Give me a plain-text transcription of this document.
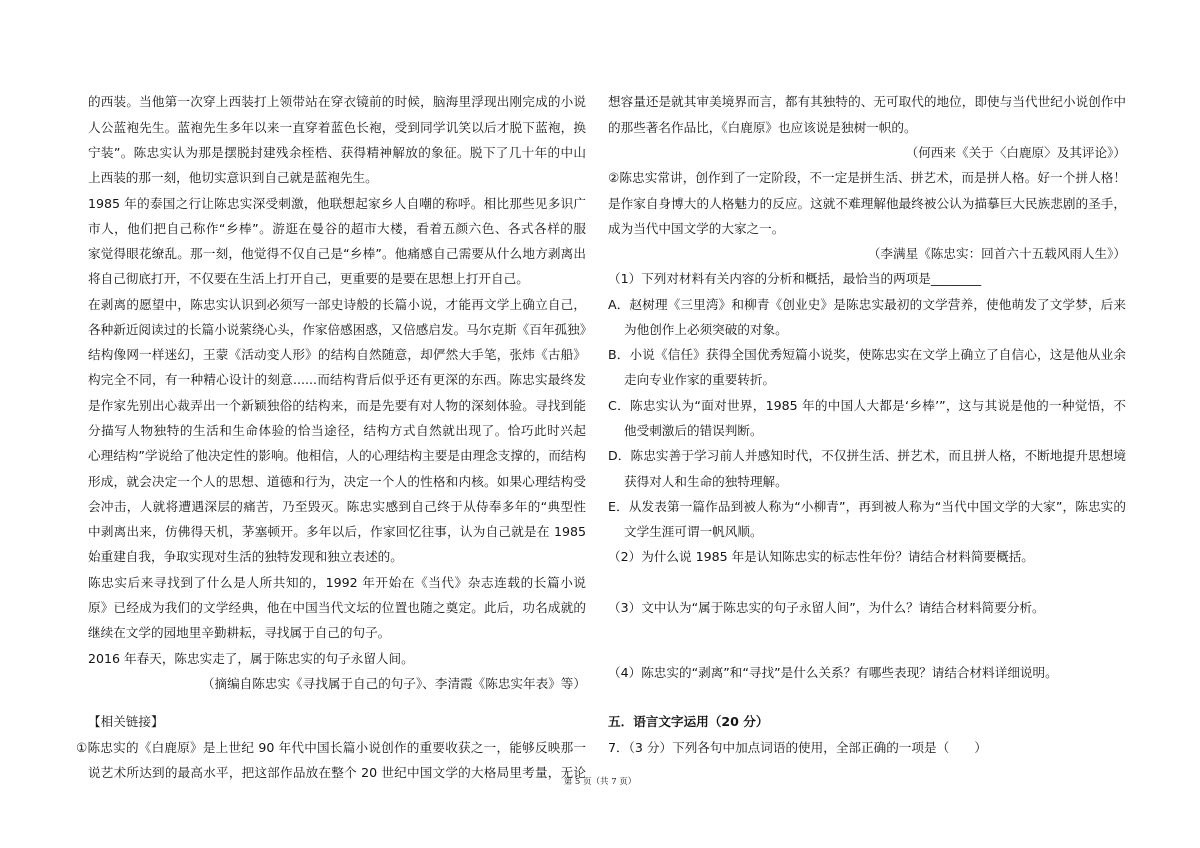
的西装。当他第一次穿上西装打上领带站在穿衣镜前的时候，脑海里浮现出刚完成的小说
人公蓝袍先生。蓝袍先生多年以来一直穿着蓝色长袍，受到同学讥笑以后才脱下蓝袍，换
宁装”。陈忠实认为那是摆脱封建残余桎梏、获得精神解放的象征。脱下了几十年的中山
上西装的那一刻，他切实意识到自己就是蓝袍先生。
1985 年的泰国之行让陈忠实深受刺激，他联想起家乡人自嘲的称呼。相比那些见多识广
市人，他们把自己称作“乡棒”。游逛在曼谷的超市大楼，看着五颜六色、各式各样的服
家觉得眼花缭乱。那一刻，他觉得不仅自己是“乡棒”。他痛感自己需要从什么地方剥离出
将自己彻底打开，不仅要在生活上打开自己，更重要的是要在思想上打开自己。
在剥离的愿望中，陈忠实认识到必须写一部史诗般的长篇小说，才能再文学上确立自己，
各种新近阅读过的长篇小说萦绕心头，作家倍感困惑，又倍感启发。马尔克斯《百年孤独》
结构像网一样迷幻，王蒙《活动变人形》的结构自然随意，却俨然大手笔，张炜《古船》
构完全不同，有一种精心设计的刻意......而结构背后似乎还有更深的东西。陈忠实最终发
是作家先别出心裁弄出一个新颖独俗的结构来，而是先要有对人物的深刻体验。寻找到能
分描写人物独特的生活和生命体验的恰当途径，结构方式自然就出现了。恰巧此时兴起
心理结构”学说给了他决定性的影响。他相信，人的心理结构主要是由理念支撑的，而结构
形成，就会决定一个人的思想、道德和行为，决定一个人的性格和内核。如果心理结构受
会冲击，人就将遭遇深层的痛苦，乃至毁灭。陈忠实感到自己终于从侍奉多年的“典型性
中剥离出来，仿佛得天机，茅塞顿开。多年以后，作家回忆往事，认为自己就是在 1985
始重建自我，争取实现对生活的独特发现和独立表述的。
陈忠实后来寻找到了什么是人所共知的，1992 年开始在《当代》杂志连载的长篇小说
原》已经成为我们的文学经典，他在中国当代文坛的位置也随之奠定。此后，功名成就的
继续在文学的园地里辛勤耕耘，寻找属于自己的句子。
2016 年春天，陈忠实走了，属于陈忠实的句子永留人间。
（摘编自陈忠实《寻找属于自己的句子》、李清霞《陈忠实年表》等）
【相关链接】
①陈忠实的《白鹿原》是上世纪 90 年代中国长篇小说创作的重要收获之一，能够反映那一
说艺术所达到的最高水平，把这部作品放在整个 20 世纪中国文学的大格局里考量，无论
想容量还是就其审美境界而言，都有其独特的、无可取代的地位，即使与当代世纪小说创作中
的那些著名作品比，《白鹿原》也应该说是独树一帜的。
（何西来《关于〈白鹿原〉及其评论》）
②陈忠实常讲，创作到了一定阶段，不一定是拼生活、拼艺术，而是拼人格。好一个拼人格！
是作家自身博大的人格魅力的反应。这就不难理解他最终被公认为描摹巨大民族悲剧的圣手，
成为当代中国文学的大家之一。
（李满星《陈忠实：回首六十五载风雨人生》）
（1）下列对材料有关内容的分析和概括，最恰当的两项是________
A．赵树理《三里湾》和柳青《创业史》是陈忠实最初的文学营养，使他萌发了文学梦，后来
为他创作上必须突破的对象。
B．小说《信任》获得全国优秀短篇小说奖，使陈忠实在文学上确立了自信心，这是他从业余
走向专业作家的重要转折。
C．陈忠实认为“面对世界，1985 年的中国人大都是‘乡棒’”，这与其说是他的一种觉悟，不
他受刺激后的错误判断。
D．陈忠实善于学习前人并感知时代，不仅拼生活、拼艺术，而且拼人格，不断地提升思想境
获得对人和生命的独特理解。
E．从发表第一篇作品到被人称为“小柳青”，再到被人称为“当代中国文学的大家”，陈忠实的
文学生涯可谓一帆风顺。
（2）为什么说 1985 年是认知陈忠实的标志性年份？请结合材料简要概括。
（3）文中认为“属于陈忠实的句子永留人间”，为什么？请结合材料简要分析。
（4）陈忠实的“剥离”和“寻找”是什么关系？有哪些表现？请结合材料详细说明。
五．语言文字运用（20 分）
7．（3 分）下列各句中加点词语的使用，全部正确的一项是（　　）
第 5 页（共 7 页）
